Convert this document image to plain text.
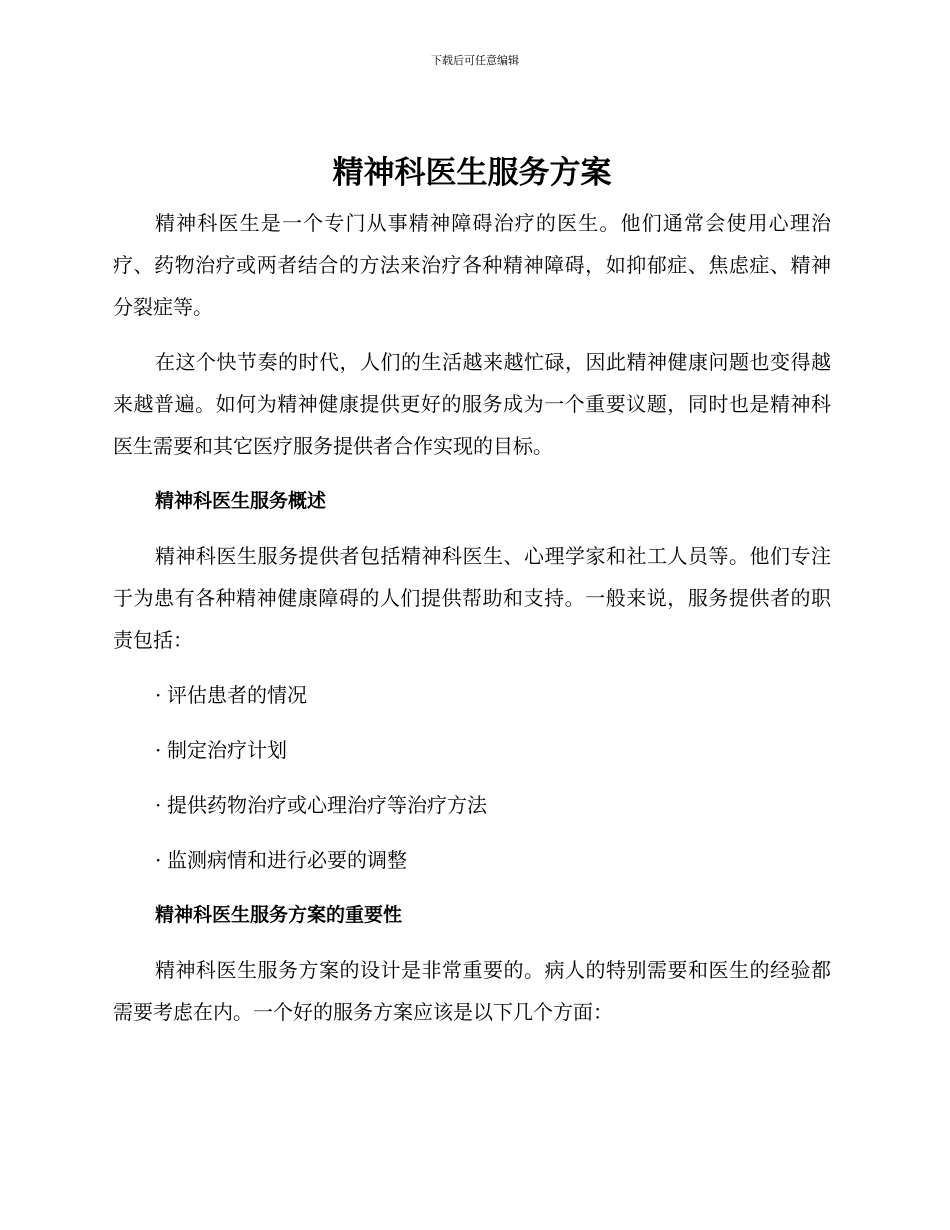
下载后可任意编辑
精神科医生服务方案

精神科医生是一个专门从事精神障碍治疗的医生。他们通常会使用心理治疗、药物治疗或两者结合的方法来治疗各种精神障碍，如抑郁症、焦虑症、精神分裂症等。

在这个快节奏的时代，人们的生活越来越忙碌，因此精神健康问题也变得越来越普遍。如何为精神健康提供更好的服务成为一个重要议题，同时也是精神科医生需要和其它医疗服务提供者合作实现的目标。

精神科医生服务概述

精神科医生服务提供者包括精神科医生、心理学家和社工人员等。他们专注于为患有各种精神健康障碍的人们提供帮助和支持。一般来说，服务提供者的职责包括：

· 评估患者的情况
· 制定治疗计划
· 提供药物治疗或心理治疗等治疗方法
· 监测病情和进行必要的调整
精神科医生服务方案的重要性

精神科医生服务方案的设计是非常重要的。病人的特别需要和医生的经验都需要考虑在内。一个好的服务方案应该是以下几个方面：
